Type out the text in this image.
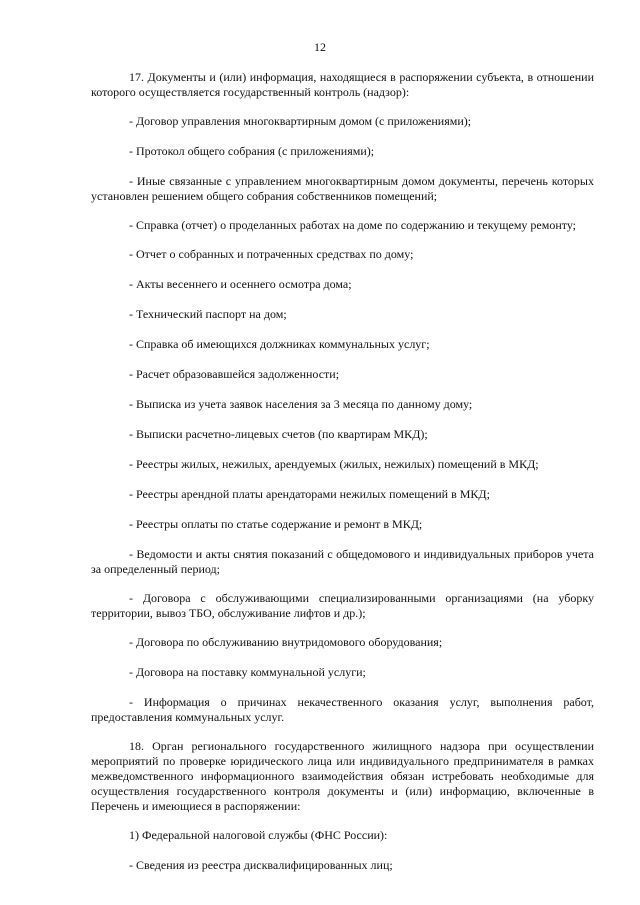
12

17. Документы и (или) информация, находящиеся в распоряжении субъекта, в отношении которого осуществляется государственный контроль (надзор):

- Договор управления многоквартирным домом (с приложениями);

- Протокол общего собрания (с приложениями);

- Иные связанные с управлением многоквартирным домом документы, перечень которых установлен решением общего собрания собственников помещений;

- Справка (отчет) о проделанных работах на доме по содержанию и текущему ремонту;

- Отчет о собранных и потраченных средствах по дому;

- Акты весеннего и осеннего осмотра дома;

- Технический паспорт на дом;

- Справка об имеющихся должниках коммунальных услуг;

- Расчет образовавшейся задолженности;

- Выписка из учета заявок населения за 3 месяца по данному дому;

- Выписки расчетно-лицевых счетов (по квартирам МКД);

- Реестры жилых, нежилых, арендуемых (жилых, нежилых) помещений в МКД;

- Реестры арендной платы арендаторами нежилых помещений в МКД;

- Реестры оплаты по статье содержание и ремонт в МКД;

- Ведомости и акты снятия показаний с общедомового и индивидуальных приборов учета за определенный период;

- Договора с обслуживающими специализированными организациями (на уборку территории, вывоз ТБО, обслуживание лифтов и др.);

- Договора по обслуживанию внутридомового оборудования;

- Договора на поставку коммунальной услуги;

- Информация о причинах некачественного оказания услуг, выполнения работ, предоставления коммунальных услуг.

18. Орган регионального государственного жилищного надзора при осуществлении мероприятий по проверке юридического лица или индивидуального предпринимателя в рамках межведомственного информационного взаимодействия обязан истребовать необходимые для осуществления государственного контроля документы и (или) информацию, включенные в Перечень и имеющиеся в распоряжении:

1) Федеральной налоговой службы (ФНС России):

- Сведения из реестра дисквалифицированных лиц;
